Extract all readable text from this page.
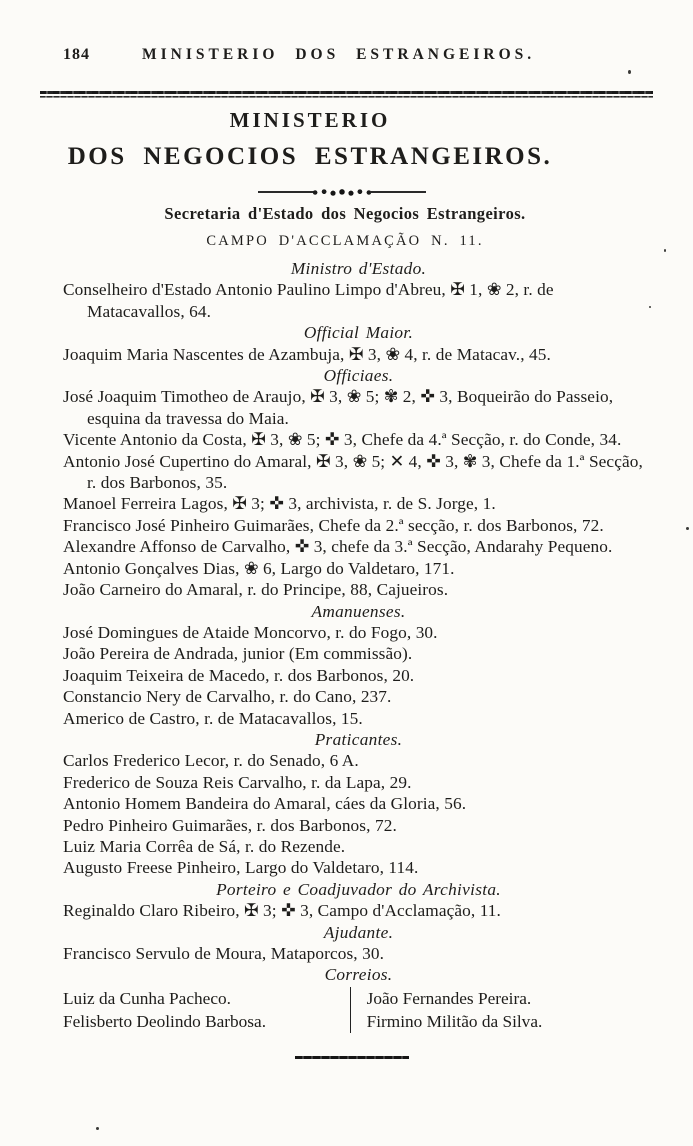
184	MINISTERIO DOS ESTRANGEIROS.
MINISTERIO
DOS NEGOCIOS ESTRANGEIROS.
Secretaria d'Estado dos Negocios Estrangeiros.
CAMPO D'ACCLAMAÇÃO N. 11.
Ministro d'Estado.
Conselheiro d'Estado Antonio Paulino Limpo d'Abreu, ✠ 1, ❀ 2, r. de Matacavallos, 64.
Official Maior.
Joaquim Maria Nascentes de Azambuja, ✠ 3, ❀ 4, r. de Matacav., 45.
Officiaes.
José Joaquim Timotheo de Araujo, ✠ 3, ❀ 5; ✾ 2, ✜ 3, Boqueirão do Passeio, esquina da travessa do Maia.
Vicente Antonio da Costa, ✠ 3, ❀ 5; ✜ 3, Chefe da 4.ª Secção, r. do Conde, 34.
Antonio José Cupertino do Amaral, ✠ 3, ❀ 5; ✕ 4, ✜ 3, ✾ 3, Chefe da 1.ª Secção, r. dos Barbonos, 35.
Manoel Ferreira Lagos, ✠ 3; ✜ 3, archivista, r. de S. Jorge, 1.
Francisco José Pinheiro Guimarães, Chefe da 2.ª secção, r. dos Barbonos, 72.
Alexandre Affonso de Carvalho, ✜ 3, chefe da 3.ª Secção, Andarahy Pequeno.
Antonio Gonçalves Dias, ❀ 6, Largo do Valdetaro, 171.
João Carneiro do Amaral, r. do Principe, 88, Cajueiros.
Amanuenses.
José Domingues de Ataide Moncorvo, r. do Fogo, 30.
João Pereira de Andrada, junior (Em commissão).
Joaquim Teixeira de Macedo, r. dos Barbonos, 20.
Constancio Nery de Carvalho, r. do Cano, 237.
Americo de Castro, r. de Matacavallos, 15.
Praticantes.
Carlos Frederico Lecor, r. do Senado, 6 A.
Frederico de Souza Reis Carvalho, r. da Lapa, 29.
Antonio Homem Bandeira do Amaral, cáes da Gloria, 56.
Pedro Pinheiro Guimarães, r. dos Barbonos, 72.
Luiz Maria Corrêa de Sá, r. do Rezende.
Augusto Freese Pinheiro, Largo do Valdetaro, 114.
Porteiro e Coadjuvador do Archivista.
Reginaldo Claro Ribeiro, ✠ 3; ✜ 3, Campo d'Acclamação, 11.
Ajudante.
Francisco Servulo de Moura, Mataporcos, 30.
Correios.
Luiz da Cunha Pacheco.
Felisberto Deolindo Barbosa.
João Fernandes Pereira.
Firmino Militão da Silva.
